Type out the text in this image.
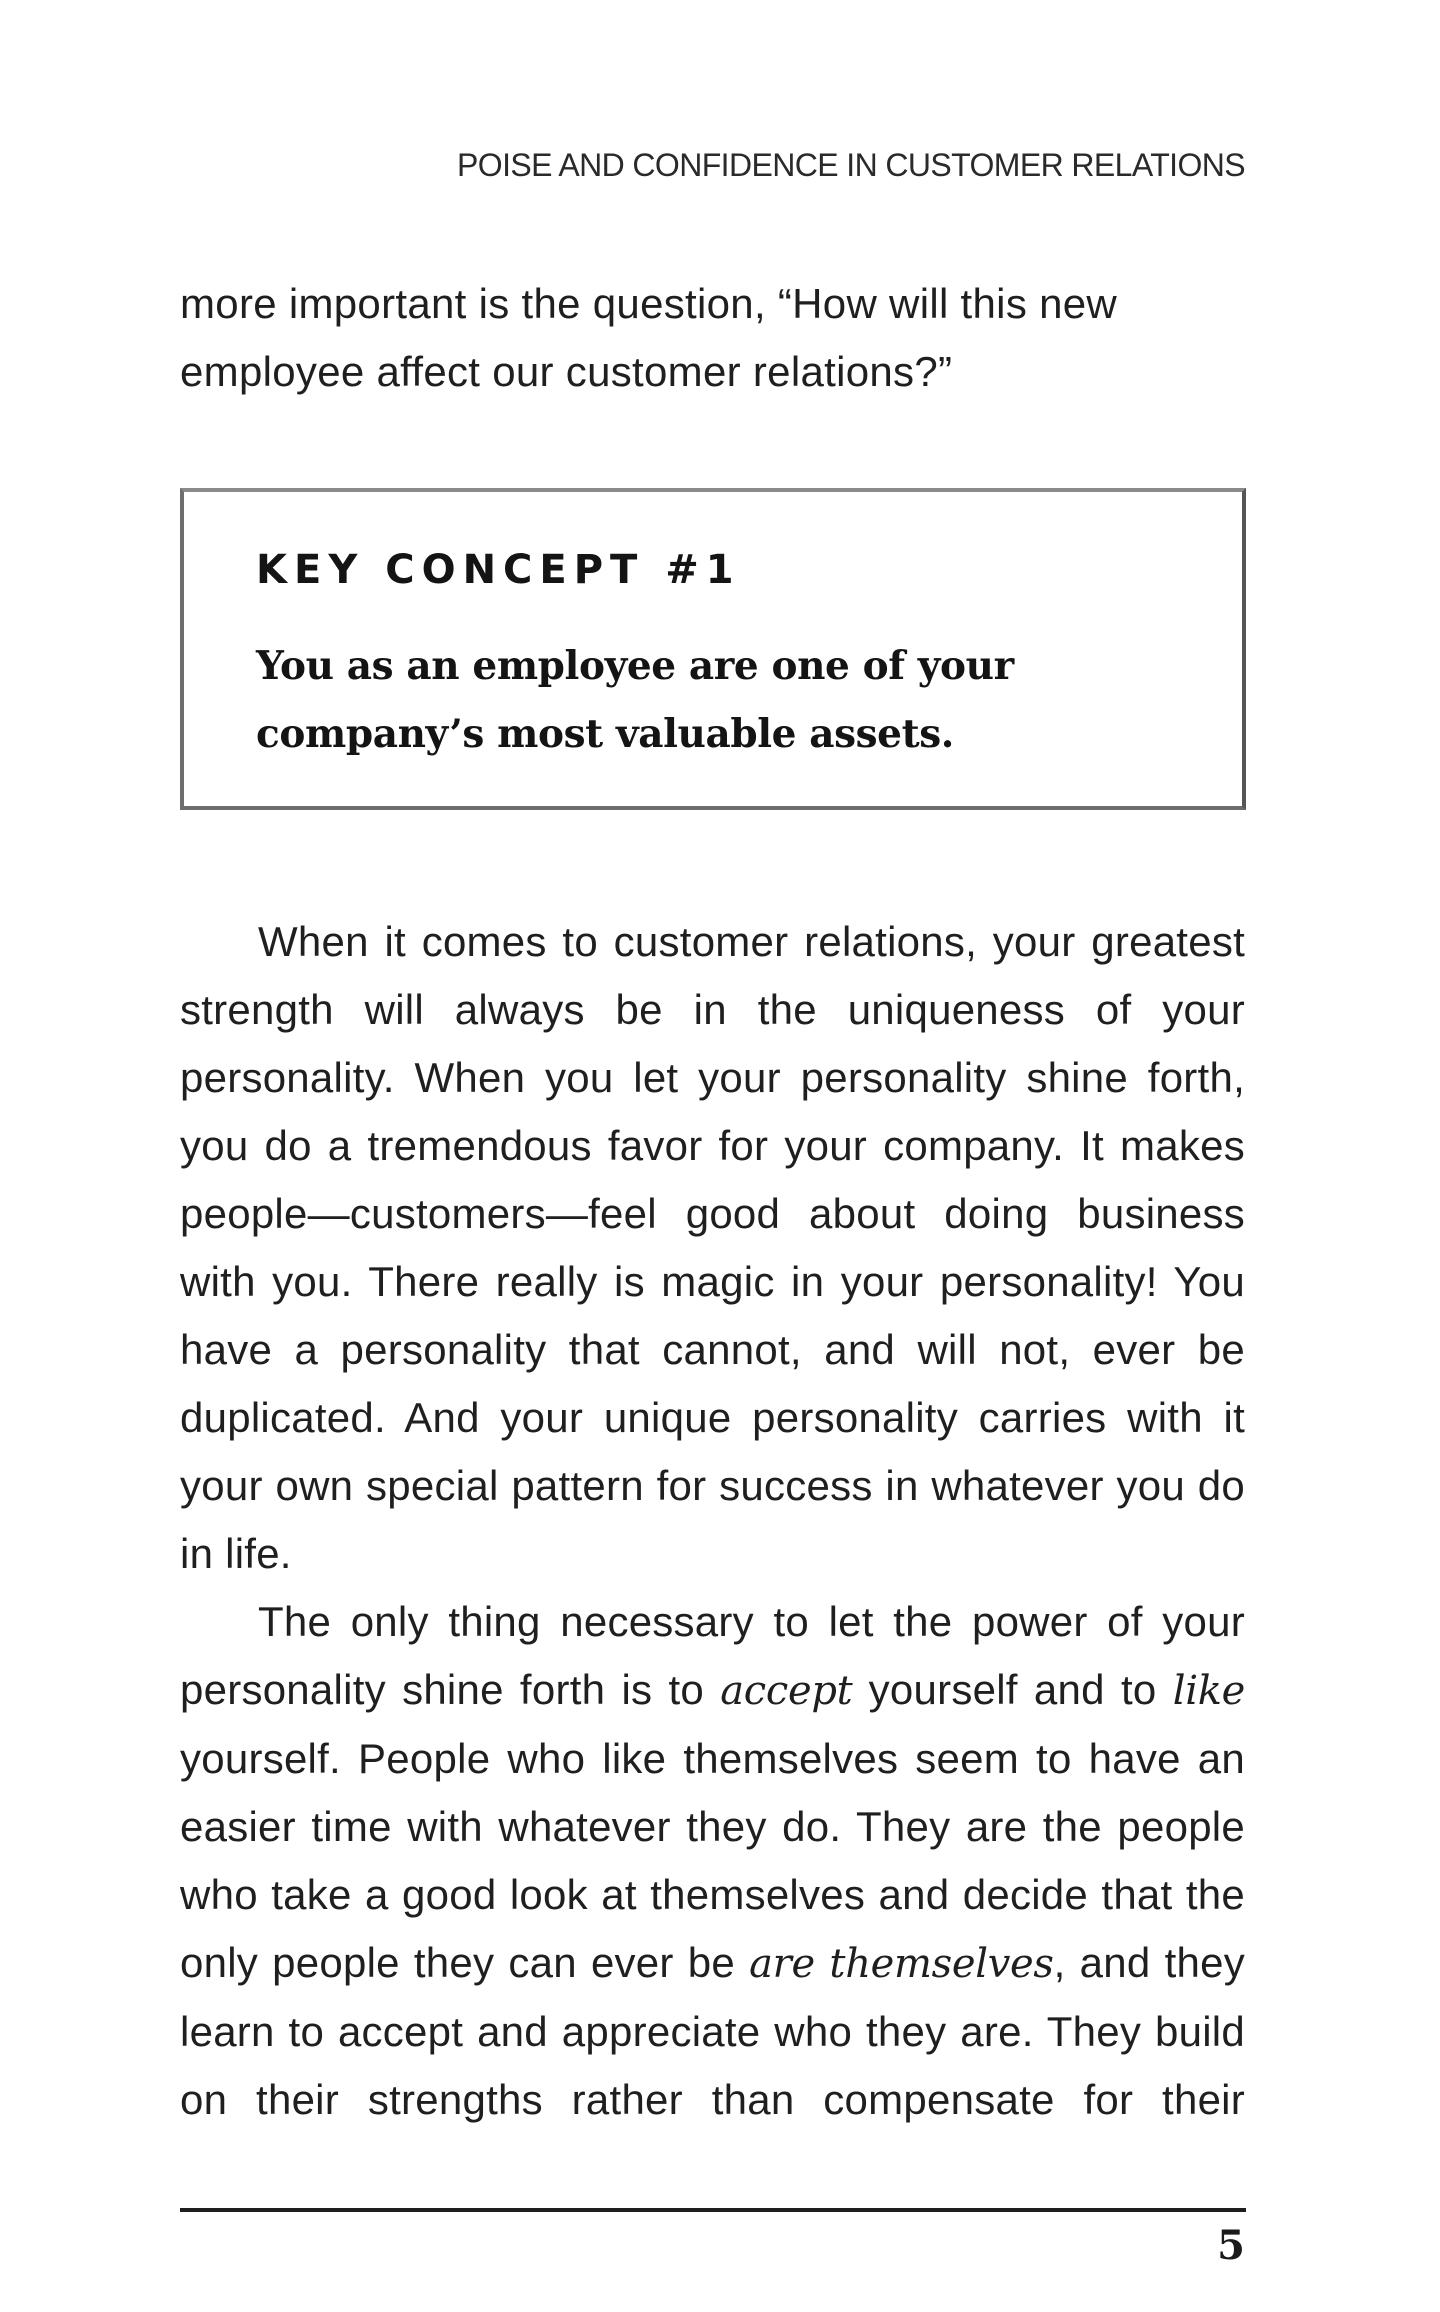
POISE AND CONFIDENCE IN CUSTOMER RELATIONS
more important is the question, “How will this new employee affect our customer relations?”
KEY CONCEPT #1
You as an employee are one of your company’s most valuable assets.

When it comes to customer relations, your greatest strength will always be in the uniqueness of your personality. When you let your personality shine forth, you do a tremendous favor for your company. It makes people—customers—feel good about doing business with you. There really is magic in your personality! You have a personality that cannot, and will not, ever be duplicated. And your unique personality carries with it your own special pattern for success in whatever you do in life.

The only thing necessary to let the power of your personality shine forth is to accept yourself and to like yourself. People who like themselves seem to have an easier time with whatever they do. They are the people who take a good look at themselves and decide that the only people they can ever be are themselves, and they learn to accept and appreciate who they are. They build on their strengths rather than compensate for their

5
